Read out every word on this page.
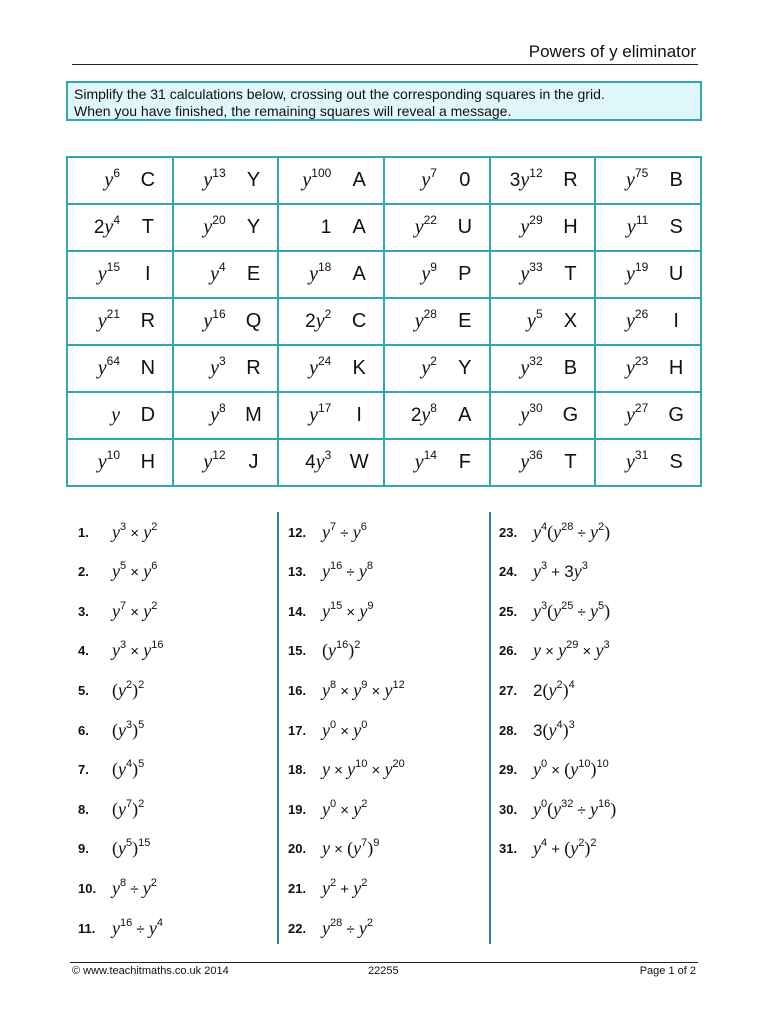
Powers of y eliminator
Simplify the 31 calculations below, crossing out the corresponding squares in the grid.
When you have finished, the remaining squares will reveal a message.
$y^6$ C	$y^{13}$ Y	$y^{100}$ A	$y^7$ 0	$3y^{12}$ R	$y^{75}$ B

$2y^4$ T	$y^{20}$ Y	1 A	$y^{22}$ U	$y^{29}$ H	$y^{11}$ S

$y^{15}$ I	$y^4$ E	$y^{18}$ A	$y^9$ P	$y^{33}$ T	$y^{19}$ U

$y^{21}$ R	$y^{16}$ Q	$2y^2$ C	$y^{28}$ E	$y^5$ X	$y^{26}$ I

$y^{64}$ N	$y^3$ R	$y^{24}$ K	$y^2$ Y	$y^{32}$ B	$y^{23}$ H

y D	$y^8$ M	$y^{17}$ I	$2y^8$ A	$y^{30}$ G	$y^{27}$ G

$y^{10}$ H	$y^{12}$ J	$4y^3$ W	$y^{14}$ F	$y^{36}$ T	$y^{31}$ S
1.	$y^3 \times y^2$
2.	$y^5 \times y^6$
3.	$y^7 \times y^2$
4.	$y^3 \times y^{16}$
5.	$(y^2)^2$
6.	$(y^3)^5$
7.	$(y^4)^5$
8.	$(y^7)^2$
9.	$(y^5)^{15}$
10. $y^8 \div y^2$
11. $y^{16} \div y^4$
12. $y^7 \div y^6$
13. $y^{16} \div y^8$
14. $y^{15} \times y^9$
15. $(y^{16})^2$
16. $y^8 \times y^9 \times y^{12}$
17. $y^0 \times y^0$
18. $y \times y^{10} \times y^{20}$
19. $y^0 \times y^2$
20. $y \times (y^7)^9$
21. $y^2 + y^2$
22. $y^{28} \div y^2$
23. $y^4(y^{28} \div y^2)$
24. $y^3 + 3y^3$
25. $y^3(y^{25} \div y^5)$
26. $y \times y^{29} \times y^3$
27. $2(y^2)^4$
28. $3(y^4)^3$
29. $y^0 \times (y^{10})^{10}$
30. $y^0(y^{32} \div y^{16})$
31. $y^4 + (y^2)^2$
© www.teachitmaths.co.uk 2014	22255	Page 1 of 2
